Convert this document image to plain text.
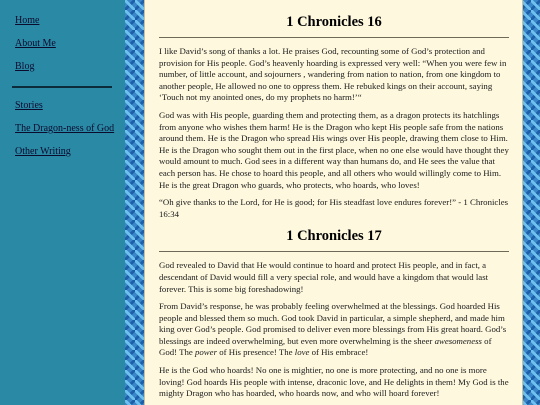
Home
About Me
Blog
Stories
The Dragon-ness of God
Other Writing
1 Chronicles 16

I like David’s song of thanks a lot. He praises God, recounting some of God’s protection and provision for His people. God’s heavenly hoarding is expressed very well: “When you were few in number, of little account, and sojourners , wandering from nation to nation, from one kingdom to another people, He allowed no one to oppress them. He rebuked kings on their account, saying ‘Touch not my anointed ones, do my prophets no harm!’“

God was with His people, guarding them and protecting them, as a dragon protects its hatchlings from anyone who wishes them harm! He is the Dragon who kept His people safe from the nations around them. He is the Dragon who spread His wings over His people, drawing them close to Him. He is the Dragon who sought them out in the first place, when no one else would have thought they would amount to much. God sees in a different way than humans do, and He sees the value that each person has. He chose to hoard this people, and all others who would willingly come to Him. He is the great Dragon who guards, who protects, who hoards, who loves!

“Oh give thanks to the Lord, for He is good; for His steadfast love endures forever!” - 1 Chronicles 16:34

1 Chronicles 17

God revealed to David that He would continue to hoard and protect His people, and in fact, a descendant of David would fill a very special role, and would have a kingdom that would last forever. This is some big foreshadowing!

From David’s response, he was probably feeling overwhelmed at the blessings. God hoarded His people and blessed them so much. God took David in particular, a simple shepherd, and made him king over God’s people. God promised to deliver even more blessings from His great hoard. God’s blessings are indeed overwhelming, but even more overwhelming is the sheer awesomeness of God! The power of His presence! The love of His embrace!

He is the God who hoards! No one is mightier, no one is more protecting, and no one is more loving! God hoards His people with intense, draconic love, and He delights in them! My God is the mighty Dragon who has hoarded, who hoards now, and who will hoard forever!
